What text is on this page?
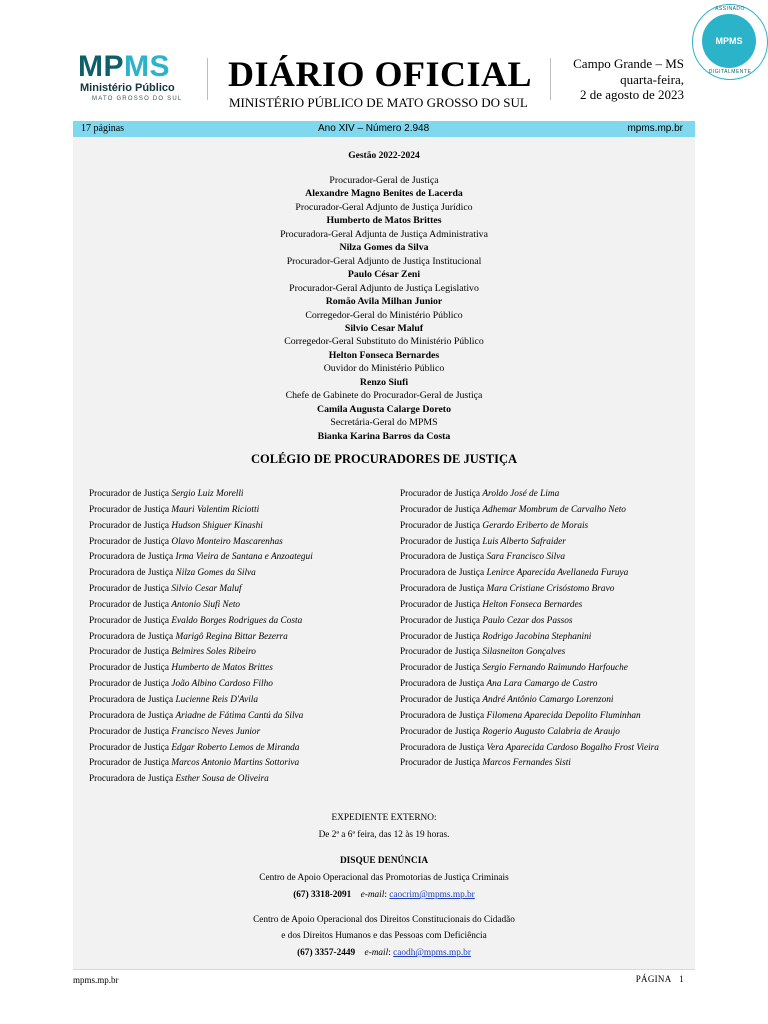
MPMS
Ministério Público
MATO GROSSO DO SUL
DIÁRIO OFICIAL
MINISTÉRIO PÚBLICO DE MATO GROSSO DO SUL
Campo Grande – MS
quarta-feira,
2 de agosto de 2023
ASSINADO
MPMS
DIGITALMENTE
17 páginas	Ano XIV – Número 2.948	mpms.mp.br
Gestão 2022-2024
Procurador-Geral de Justiça
Alexandre Magno Benites de Lacerda
Procurador-Geral Adjunto de Justiça Jurídico
Humberto de Matos Brittes
Procuradora-Geral Adjunta de Justiça Administrativa
Nilza Gomes da Silva
Procurador-Geral Adjunto de Justiça Institucional
Paulo César Zeni
Procurador-Geral Adjunto de Justiça Legislativo
Romão Avila Milhan Junior
Corregedor-Geral do Ministério Público
Silvio Cesar Maluf
Corregedor-Geral Substituto do Ministério Público
Helton Fonseca Bernardes
Ouvidor do Ministério Público
Renzo Siufi
Chefe de Gabinete do Procurador-Geral de Justiça
Camila Augusta Calarge Doreto
Secretária-Geral do MPMS
Bianka Karina Barros da Costa
COLÉGIO DE PROCURADORES DE JUSTIÇA
Procurador de Justiça Sergio Luiz Morelli
Procurador de Justiça Mauri Valentim Riciotti
Procurador de Justiça Hudson Shiguer Kinashi
Procurador de Justiça Olavo Monteiro Mascarenhas
Procuradora de Justiça Irma Vieira de Santana e Anzoategui
Procuradora de Justiça Nilza Gomes da Silva
Procurador de Justiça Silvio Cesar Maluf
Procurador de Justiça Antonio Siufi Neto
Procurador de Justiça Evaldo Borges Rodrigues da Costa
Procuradora de Justiça Marigô Regina Bittar Bezerra
Procurador de Justiça Belmires Soles Ribeiro
Procurador de Justiça Humberto de Matos Brittes
Procurador de Justiça João Albino Cardoso Filho
Procuradora de Justiça Lucienne Reis D'Avila
Procuradora de Justiça Ariadne de Fátima Cantú da Silva
Procurador de Justiça Francisco Neves Junior
Procurador de Justiça Edgar Roberto Lemos de Miranda
Procurador de Justiça Marcos Antonio Martins Sottoriva
Procuradora de Justiça Esther Sousa de Oliveira
Procurador de Justiça Aroldo José de Lima
Procurador de Justiça Adhemar Mombrum de Carvalho Neto
Procurador de Justiça Gerardo Eriberto de Morais
Procurador de Justiça Luis Alberto Safraider
Procuradora de Justiça Sara Francisco Silva
Procuradora de Justiça Lenirce Aparecida Avellaneda Furuya
Procuradora de Justiça Mara Cristiane Crisóstomo Bravo
Procurador de Justiça Helton Fonseca Bernardes
Procurador de Justiça Paulo Cezar dos Passos
Procurador de Justiça Rodrigo Jacobina Stephanini
Procurador de Justiça Silasneiton Gonçalves
Procurador de Justiça Sergio Fernando Raimundo Harfouche
Procuradora de Justiça Ana Lara Camargo de Castro
Procurador de Justiça André Antônio Camargo Lorenzoni
Procuradora de Justiça Filomena Aparecida Depolito Fluminhan
Procurador de Justiça Rogerio Augusto Calabria de Araujo
Procuradora de Justiça Vera Aparecida Cardoso Bogalho Frost Vieira
Procurador de Justiça Marcos Fernandes Sisti
EXPEDIENTE EXTERNO:
De 2ª a 6ª feira, das 12 às 19 horas.
DISQUE DENÚNCIA
Centro de Apoio Operacional das Promotorias de Justiça Criminais
(67) 3318-2091 e-mail: caocrim@mpms.mp.br
Centro de Apoio Operacional dos Direitos Constitucionais do Cidadão
e dos Direitos Humanos e das Pessoas com Deficiência
(67) 3357-2449 e-mail: caodh@mpms.mp.br
mpms.mp.br	PÁGINA 1
